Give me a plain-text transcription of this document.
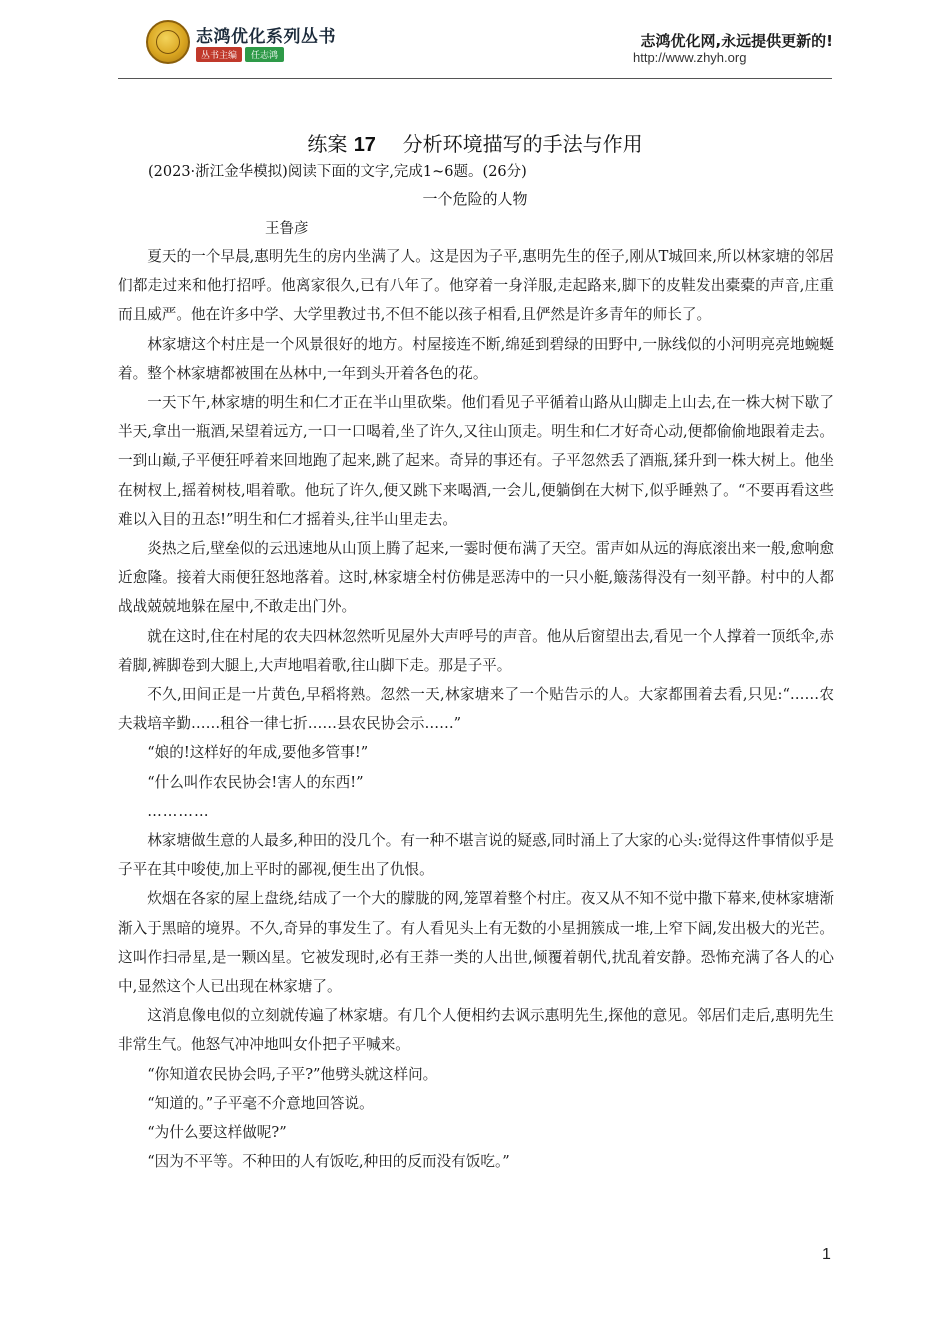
志鸿优化系列丛书
丛书主编 任志鸿
志鸿优化网,永远提供更新的!
http://www.zhyh.org
练案 17 分析环境描写的手法与作用
(2023·浙江金华模拟)阅读下面的文字,完成1~6题。(26分)
一个危险的人物
王鲁彦

夏天的一个早晨,惠明先生的房内坐满了人。这是因为子平,惠明先生的侄子,刚从T城回来,所以林家塘的邻居们都走过来和他打招呼。他离家很久,已有八年了。他穿着一身洋服,走起路来,脚下的皮鞋发出橐橐的声音,庄重而且威严。他在许多中学、大学里教过书,不但不能以孩子相看,且俨然是许多青年的师长了。

林家塘这个村庄是一个风景很好的地方。村屋接连不断,绵延到碧绿的田野中,一脉线似的小河明亮亮地蜿蜒着。整个林家塘都被围在丛林中,一年到头开着各色的花。

一天下午,林家塘的明生和仁才正在半山里砍柴。他们看见子平循着山路从山脚走上山去,在一株大树下歇了半天,拿出一瓶酒,呆望着远方,一口一口喝着,坐了许久,又往山顶走。明生和仁才好奇心动,便都偷偷地跟着走去。一到山巅,子平便狂呼着来回地跑了起来,跳了起来。奇异的事还有。子平忽然丢了酒瓶,猱升到一株大树上。他坐在树杈上,摇着树枝,唱着歌。他玩了许久,便又跳下来喝酒,一会儿,便躺倒在大树下,似乎睡熟了。“不要再看这些难以入目的丑态!”明生和仁才摇着头,往半山里走去。

炎热之后,壁垒似的云迅速地从山顶上腾了起来,一霎时便布满了天空。雷声如从远的海底滚出来一般,愈响愈近愈隆。接着大雨便狂怒地落着。这时,林家塘全村仿佛是恶涛中的一只小艇,簸荡得没有一刻平静。村中的人都战战兢兢地躲在屋中,不敢走出门外。

就在这时,住在村尾的农夫四林忽然听见屋外大声呼号的声音。他从后窗望出去,看见一个人撑着一顶纸伞,赤着脚,裤脚卷到大腿上,大声地唱着歌,往山脚下走。那是子平。

不久,田间正是一片黄色,早稻将熟。忽然一天,林家塘来了一个贴告示的人。大家都围着去看,只见:“……农夫栽培辛勤……租谷一律七折……县农民协会示……”

“娘的!这样好的年成,要他多管事!”

“什么叫作农民协会!害人的东西!”

…………

林家塘做生意的人最多,种田的没几个。有一种不堪言说的疑惑,同时涌上了大家的心头:觉得这件事情似乎是子平在其中唆使,加上平时的鄙视,便生出了仇恨。

炊烟在各家的屋上盘绕,结成了一个大的朦胧的网,笼罩着整个村庄。夜又从不知不觉中撒下幕来,使林家塘渐渐入于黑暗的境界。不久,奇异的事发生了。有人看见头上有无数的小星拥簇成一堆,上窄下阔,发出极大的光芒。这叫作扫帚星,是一颗凶星。它被发现时,必有王莽一类的人出世,倾覆着朝代,扰乱着安静。恐怖充满了各人的心中,显然这个人已出现在林家塘了。

这消息像电似的立刻就传遍了林家塘。有几个人便相约去讽示惠明先生,探他的意见。邻居们走后,惠明先生非常生气。他怒气冲冲地叫女仆把子平喊来。

“你知道农民协会吗,子平?”他劈头就这样问。

“知道的。”子平毫不介意地回答说。

“为什么要这样做呢?”

“因为不平等。不种田的人有饭吃,种田的反而没有饭吃。”

1
